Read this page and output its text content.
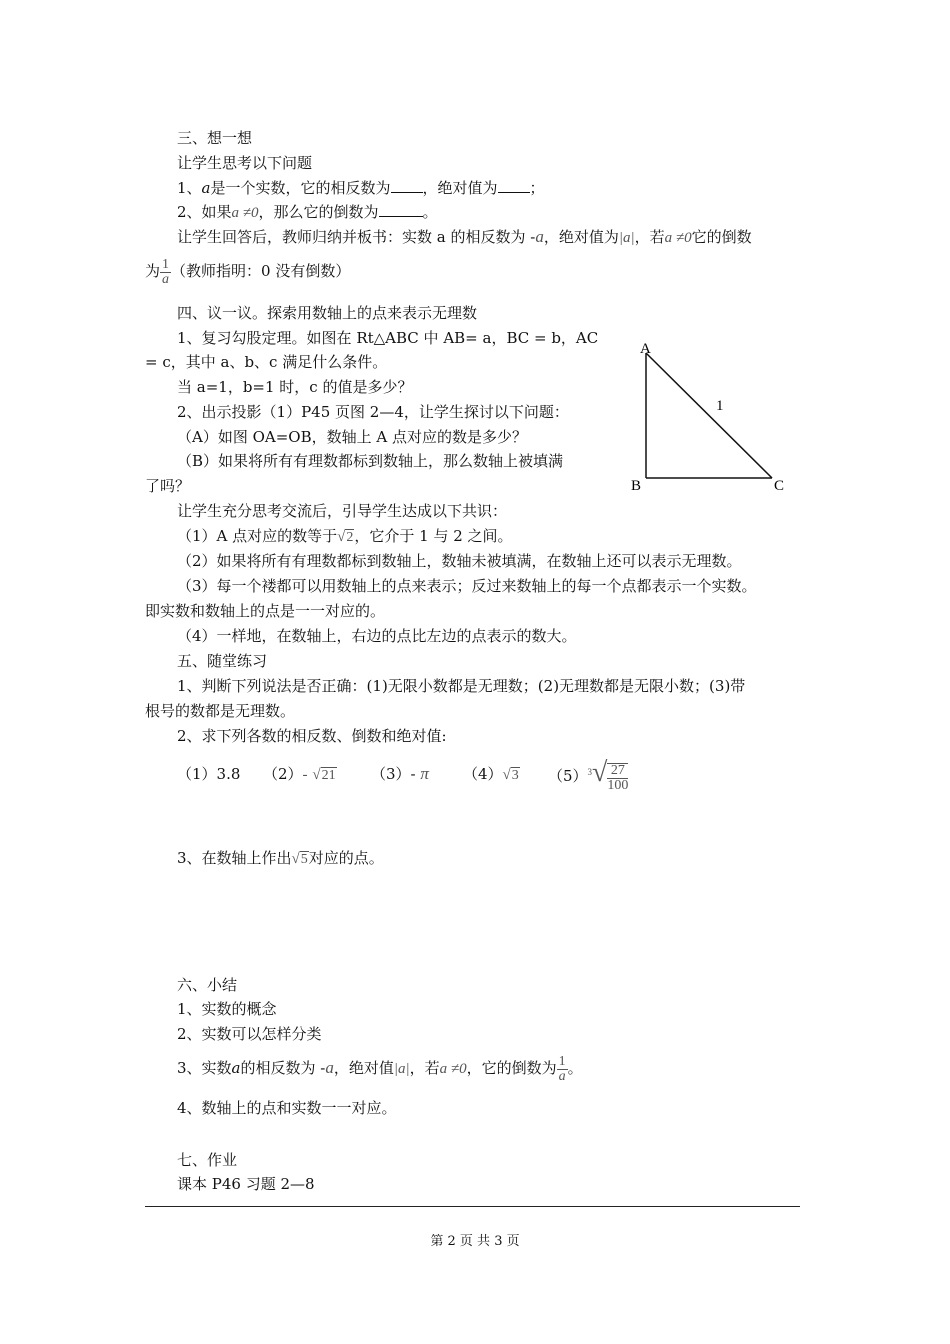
三、想一想
让学生思考以下问题
1、a是一个实数，它的相反数为 ，绝对值为 ；
2、如果a ≠0，那么它的倒数为	。
让学生回答后，教师归纳并板书：实数 a 的相反数为 -a，绝对值为|a|，若a ≠0它的倒数
为 $\frac{1}{a}$ （教师指明：0 没有倒数）
四、议一议。探索用数轴上的点来表示无理数
1、复习勾股定理。如图在 Rt△ABC 中 AB= a，BC = b，AC
= c，其中 a、b、c 满足什么条件。
当 a=1，b=1 时，c 的值是多少？
2、出示投影（1）P45 页图 2—4，让学生探讨以下问题：
（A）如图 OA=OB，数轴上 A 点对应的数是多少？
（B）如果将所有有理数都标到数轴上，那么数轴上被填满
了吗？
A
B	C
1
让学生充分思考交流后，引导学生达成以下共识：
（1）A 点对应的数等于√2，它介于 1 与 2 之间。
（2）如果将所有有理数都标到数轴上，数轴未被填满，在数轴上还可以表示无理数。
（3）每一个褛都可以用数轴上的点来表示；反过来数轴上的每一个点都表示一个实数。
即实数和数轴上的点是一一对应的。
（4）一样地，在数轴上，右边的点比左边的点表示的数大。
五、随堂练习
1、判断下列说法是否正确：(1)无限小数都是无理数；(2)无理数都是无限小数；(3)带
根号的数都是无理数。
2、求下列各数的相反数、倒数和绝对值:
（1）3.8 （2）- √21 （3）- π （4）√3 $(5)^3√ \frac{27}{100}$
3、在数轴上作出√5对应的点。
六、小结
1、实数的概念
2、实数可以怎样分类
3、实数a的相反数为 -a，绝对值|a|，若a ≠0，它的倒数为 $\frac{1}{a}$ 。
4、数轴上的点和实数一一对应。
七、作业
课本 P46 习题 2—8
第 2 页 共 3 页
